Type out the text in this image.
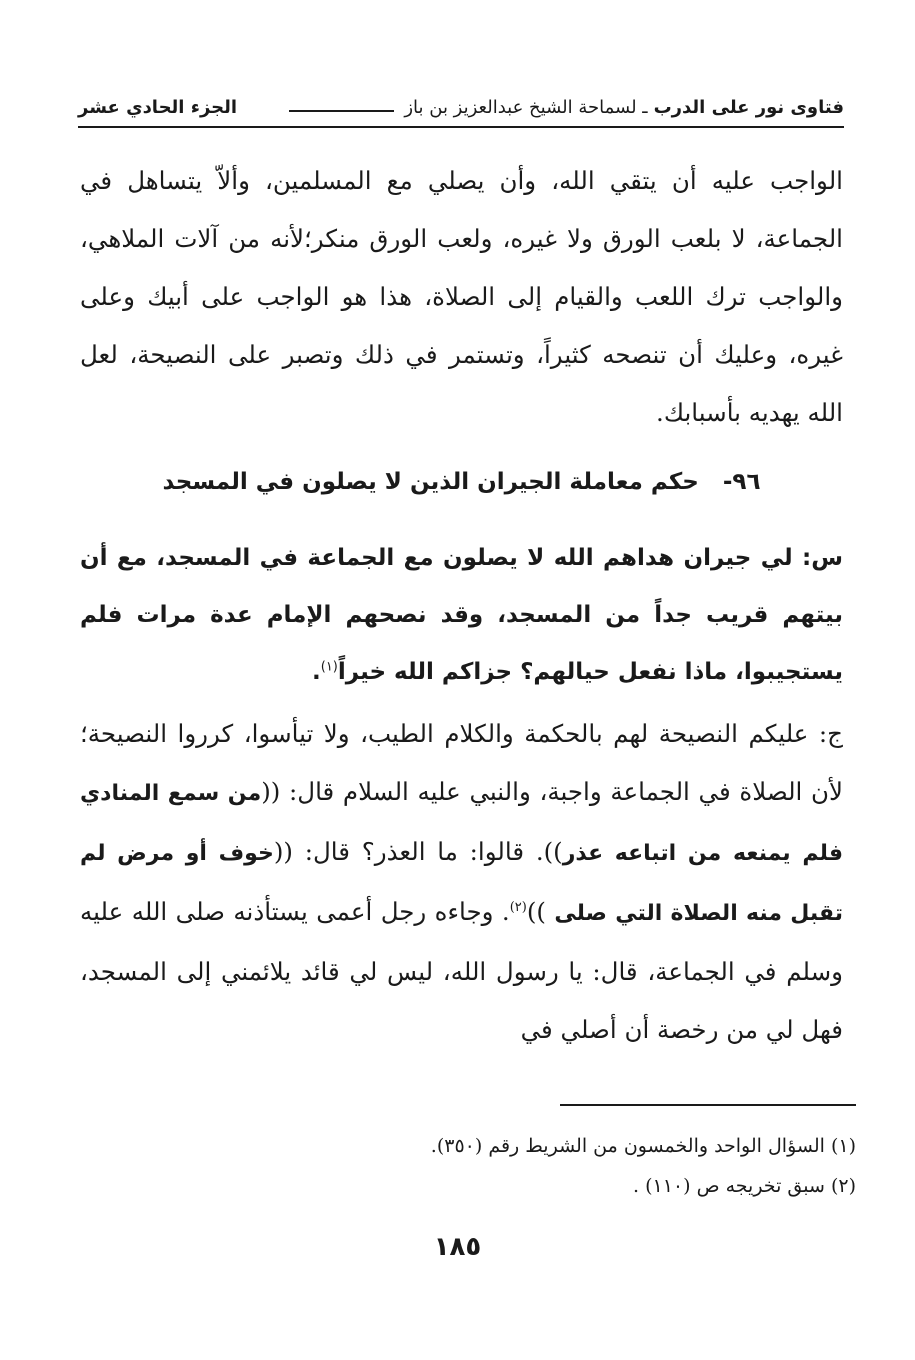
فتاوى نور على الدرب
ـ لسماحة الشيخ عبدالعزيز بن باز
الجزء الحادي عشر

الواجب عليه أن يتقي الله، وأن يصلي مع المسلمين، وألاّ يتساهل في الجماعة، لا بلعب الورق ولا غيره، ولعب الورق منكر؛لأنه من آلات الملاهي، والواجب ترك اللعب والقيام إلى الصلاة، هذا هو الواجب على أبيك وعلى غيره، وعليك أن تنصحه كثيراً، وتستمر في ذلك وتصبر على النصيحة، لعل الله يهديه بأسبابك.

٩٦- حكم معاملة الجيران الذين لا يصلون في المسجد

س: لي جيران هداهم الله لا يصلون مع الجماعة في المسجد، مع أن بيتهم قريب جداً من المسجد، وقد نصحهم الإمام عدة مرات فلم يستجيبوا، ماذا نفعل حيالهم؟ جزاكم الله خيراً$^{(١)}$.

ج: عليكم النصيحة لهم بالحكمة والكلام الطيب، ولا تيأسوا، كرروا النصيحة؛ لأن الصلاة في الجماعة واجبة، والنبي عليه السلام قال: ((من سمع المنادي فلم يمنعه من اتباعه عذر)). قالوا: ما العذر؟ قال: ((خوف أو مرض لم تقبل منه الصلاة التي صلى ))$^{(٢)}$. وجاءه رجل أعمى يستأذنه صلى الله عليه وسلم في الجماعة، قال: يا رسول الله، ليس لي قائد يلائمني إلى المسجد، فهل لي من رخصة أن أصلي في

(١) السؤال الواحد والخمسون من الشريط رقم (٣٥٠).
(٢) سبق تخريجه ص (١١٠) .
١٨٥
